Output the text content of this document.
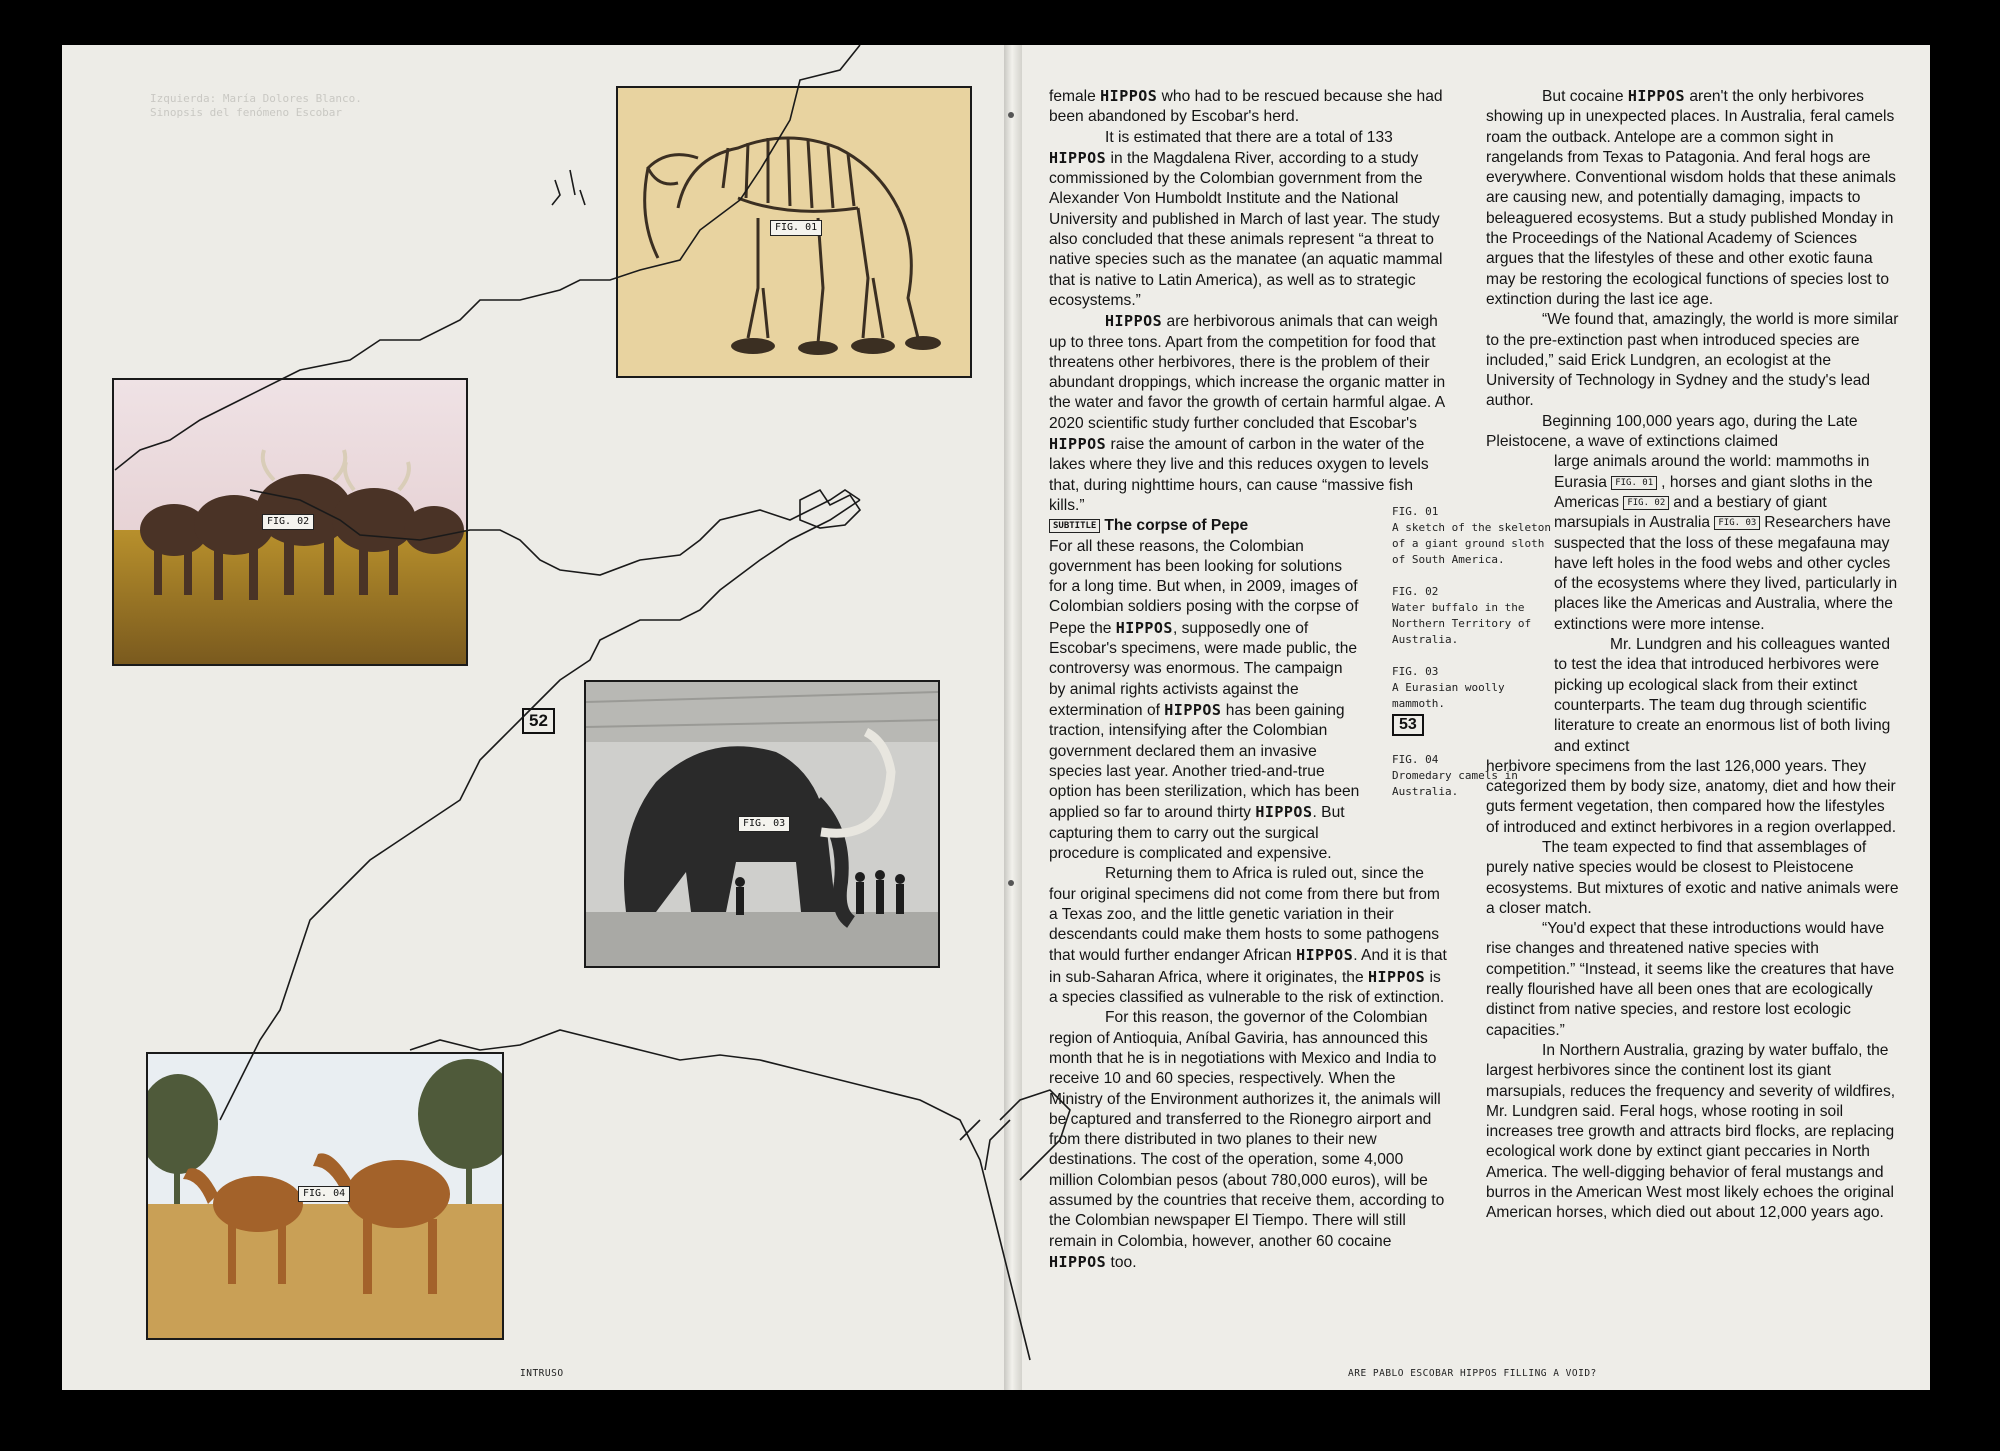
Izquierda: María Dolores Blanco. Sinopsis del fenómeno Escobar
FIG. 01
FIG. 02
52
FIG. 03
FIG. 04

female HIPPOS who had to be rescued because she had been abandoned by Escobar's herd.

It is estimated that there are a total of 133 HIPPOS in the Magdalena River, according to a study commissioned by the Colombian government from the Alexander Von Humboldt Institute and the National University and published in March of last year. The study also concluded that these animals represent “a threat to native species such as the manatee (an aquatic mammal that is native to Latin America), as well as to strategic ecosystems.”

HIPPOS are herbivorous animals that can weigh up to three tons. Apart from the competition for food that threatens other herbivores, there is the problem of their abundant droppings, which increase the organic matter in the water and favor the growth of certain harmful algae. A 2020 scientific study further concluded that Escobar's HIPPOS raise the amount of carbon in the water of the lakes where they live and this reduces oxygen to levels that, during nighttime hours, can cause “massive fish kills.”

SUBTITLE The corpse of Pepe

For all these reasons, the Colombian government has been looking for solutions for a long time. But when, in 2009, images of Colombian soldiers posing with the corpse of Pepe the HIPPOS, supposedly one of Escobar's specimens, were made public, the controversy was enormous. The campaign by animal rights activists against the extermination of HIPPOS has been gaining traction, intensifying after the Colombian government declared them an invasive species last year. Another tried-and-true option has been sterilization, which has been applied so far to around thirty HIPPOS. But capturing them to carry out the surgical procedure is complicated and expensive.

Returning them to Africa is ruled out, since the four original specimens did not come from there but from a Texas zoo, and the little genetic variation in their descendants could make them hosts to some pathogens that would further endanger African HIPPOS. And it is that in sub-Saharan Africa, where it originates, the HIPPOS is a species classified as vulnerable to the risk of extinction.

For this reason, the governor of the Colombian region of Antioquia, Aníbal Gaviria, has announced this month that he is in negotiations with Mexico and India to receive 10 and 60 species, respectively. When the Ministry of the Environment authorizes it, the animals will be captured and transferred to the Rionegro airport and from there distributed in two planes to their new destinations. The cost of the operation, some 4,000 million Colombian pesos (about 780,000 euros), will be assumed by the countries that receive them, according to the Colombian newspaper El Tiempo. There will still remain in Colombia, however, another 60 cocaine HIPPOS too.

FIG. 01
A sketch of the skeleton of a giant ground sloth of South America.
FIG. 02
Water buffalo in the Northern Territory of Australia.
FIG. 03
A Eurasian woolly mammoth.
53
FIG. 04
Dromedary camels in Australia.

But cocaine HIPPOS aren't the only herbivores showing up in unexpected places. In Australia, feral camels roam the outback. Antelope are a common sight in rangelands from Texas to Patagonia. And feral hogs are everywhere. Conventional wisdom holds that these animals are causing new, and potentially damaging, impacts to beleaguered ecosystems. But a study published Monday in the Proceedings of the National Academy of Sciences argues that the lifestyles of these and other exotic fauna may be restoring the ecological functions of species lost to extinction during the last ice age.

“We found that, amazingly, the world is more similar to the pre-extinction past when introduced species are included,” said Erick Lundgren, an ecologist at the University of Technology in Sydney and the study's lead author.

Beginning 100,000 years ago, during the Late Pleistocene, a wave of extinctions claimed

large animals around the world: mammoths in Eurasia FIG. 01 , horses and giant sloths in the Americas FIG. 02 and a bestiary of giant marsupials in Australia FIG. 03 Researchers have suspected that the loss of these megafauna may have left holes in the food webs and other cycles of the ecosystems where they lived, particularly in places like the Americas and Australia, where the extinctions were more intense.

Mr. Lundgren and his colleagues wanted to test the idea that introduced herbivores were picking up ecological slack from their extinct counterparts. The team dug through scientific literature to create an enormous list of both living and extinct

herbivore specimens from the last 126,000 years. They categorized them by body size, anatomy, diet and how their guts ferment vegetation, then compared how the lifestyles of introduced and extinct herbivores in a region overlapped.

The team expected to find that assemblages of purely native species would be closest to Pleistocene ecosystems. But mixtures of exotic and native animals were a closer match.

“You'd expect that these introductions would have rise changes and threatened native species with competition.” “Instead, it seems like the creatures that have really flourished have all been ones that are ecologically distinct from native species, and restore lost ecologic capacities.”

In Northern Australia, grazing by water buffalo, the largest herbivores since the continent lost its giant marsupials, reduces the frequency and severity of wildfires, Mr. Lundgren said. Feral hogs, whose rooting in soil increases tree growth and attracts bird flocks, are replacing ecological work done by extinct giant peccaries in North America. The well-digging behavior of feral mustangs and burros in the American West most likely echoes the original American horses, which died out about 12,000 years ago.

INTRUSO	ARE PABLO ESCOBAR HIPPOS FILLING A VOID?
